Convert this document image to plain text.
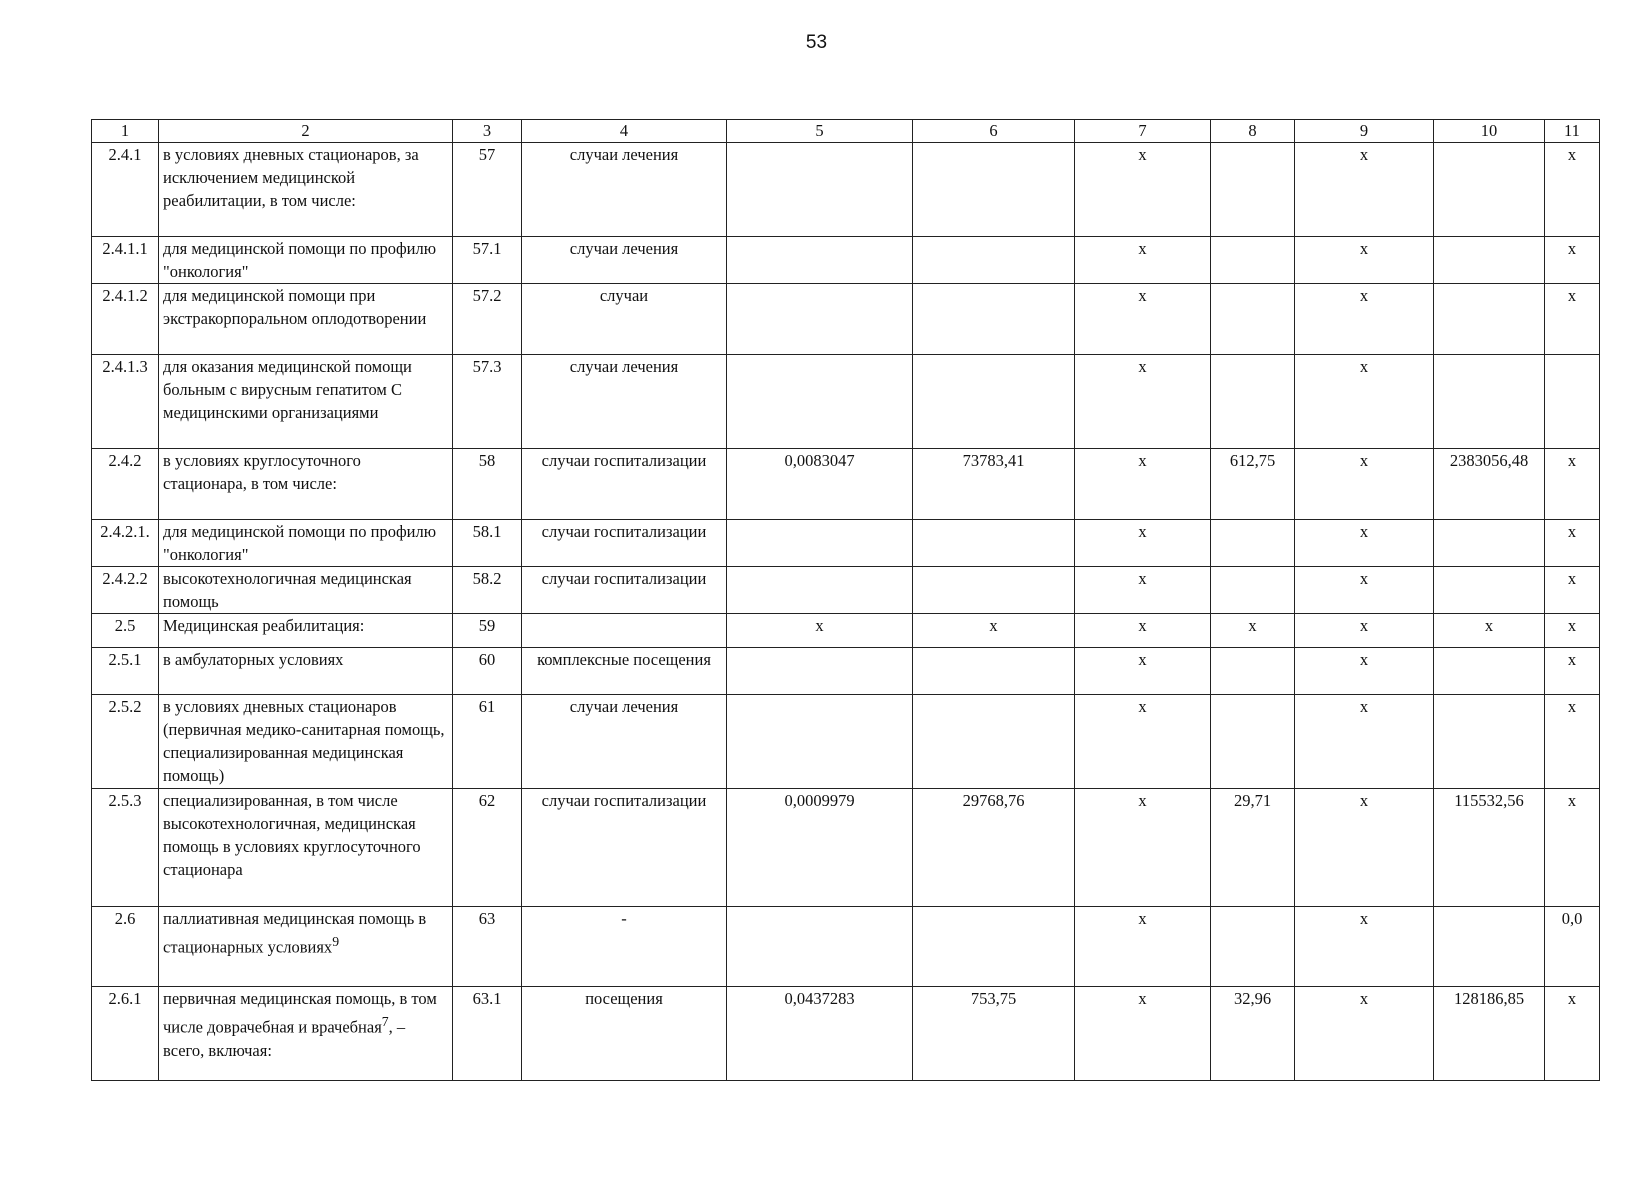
53
1	2	3	4	5	6	7	8	9	10	11
2.4.1	в условиях дневных стационаров, за исключением медицинской реабилитации, в том числе:	57	случаи лечения			х		х		х
2.4.1.1	для медицинской помощи по профилю "онкология"	57.1	случаи лечения			х		х		х
2.4.1.2	для медицинской помощи при экстракорпоральном оплодотворении	57.2	случаи			х		х		х
2.4.1.3	для оказания медицинской помощи больным с вирусным гепатитом С медицинскими организациями	57.3	случаи лечения			х		х		
2.4.2	в условиях круглосуточного стационара, в том числе:	58	случаи госпитализации	0,0083047	73783,41	х	612,75	х	2383056,48	х
2.4.2.1.	для медицинской помощи по профилю "онкология"	58.1	случаи госпитализации			х		х		х
2.4.2.2	высокотехнологичная медицинская помощь	58.2	случаи госпитализации			х		х		х
2.5	Медицинская реабилитация:	59		х	х	х	х	х	х	х
2.5.1	в амбулаторных условиях	60	комплексные посещения			х		х		х
2.5.2	в условиях дневных стационаров (первичная медико-санитарная помощь, специализированная медицинская помощь)	61	случаи лечения			х		х		х
2.5.3	специализированная, в том числе высокотехнологичная, медицинская помощь в условиях круглосуточного стационара	62	случаи госпитализации	0,0009979	29768,76	х	29,71	х	115532,56	х
2.6	паллиативная медицинская помощь в стационарных условиях$^9$	63	-			х		х		0,0
2.6.1	первичная медицинская помощь, в том числе доврачебная и врачебная$^7$, – всего, включая:	63.1	посещения	0,0437283	753,75	х	32,96	х	128186,85	х
